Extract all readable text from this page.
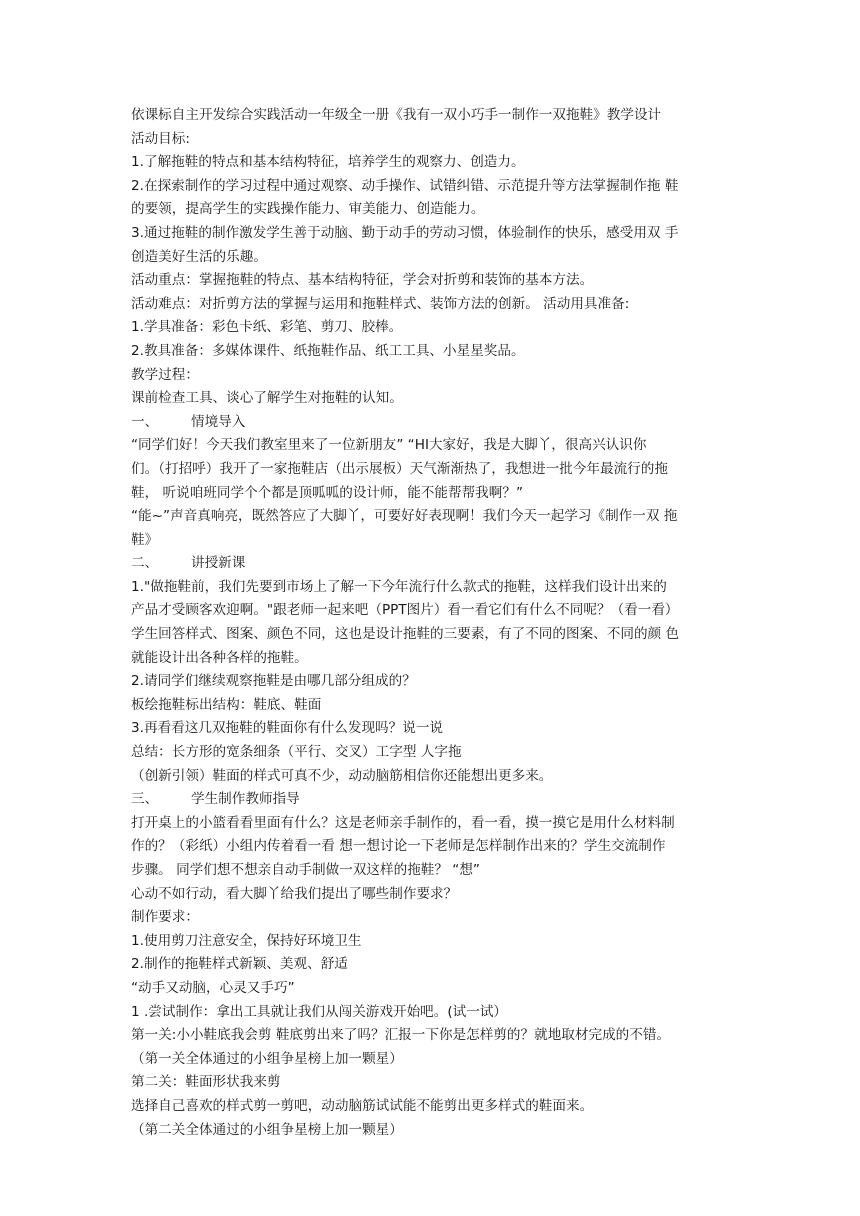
依课标自主开发综合实践活动一年级全一册《我有一双小巧手一制作一双拖鞋》教学设计
活动目标:
1.了解拖鞋的特点和基本结构特征，培养学生的观察力、创造力。
2.在探索制作的学习过程中通过观察、动手操作、试错纠错、示范提升等方法掌握制作拖 鞋
的要领，提高学生的实践操作能力、审美能力、创造能力。
3.通过拖鞋的制作激发学生善于动脑、勤于动手的劳动习惯，体验制作的快乐，感受用双 手
创造美好生活的乐趣。
活动重点：掌握拖鞋的特点、基本结构特征，学会对折剪和装饰的基本方法。
活动难点：对折剪方法的掌握与运用和拖鞋样式、装饰方法的创新。 活动用具准备:
1.学具准备：彩色卡纸、彩笔、剪刀、胶棒。
2.教具准备：多媒体课件、纸拖鞋作品、纸工工具、小星星奖品。
教学过程：
课前检查工具、谈心了解学生对拖鞋的认知。
一、 情境导入
“同学们好！今天我们教室里来了一位新朋友” “HI大家好，我是大脚丫，很高兴认识你
们。（打招呼）我开了一家拖鞋店（出示展板）天气渐渐热了，我想进一批今年最流行的拖
鞋， 听说咱班同学个个都是顶呱呱的设计师，能不能帮帮我啊？”
“能~”声音真响亮，既然答应了大脚丫，可要好好表现啊！我们今天一起学习《制作一双 拖
鞋》
二、 讲授新课
1."做拖鞋前，我们先要到市场上了解一下今年流行什么款式的拖鞋，这样我们设计出来的
产品才受顾客欢迎啊。"跟老师一起来吧（PPT图片）看一看它们有什么不同呢？（看一看）
学生回答样式、图案、颜色不同，这也是设计拖鞋的三要素，有了不同的图案、不同的颜 色
就能设计出各种各样的拖鞋。
2.请同学们继续观察拖鞋是由哪几部分组成的？
板绘拖鞋标出结构：鞋底、鞋面
3.再看看这几双拖鞋的鞋面你有什么发现吗？说一说
总结：长方形的宽条细条（平行、交叉）工字型 人字拖
（创新引领）鞋面的样式可真不少，动动脑筋相信你还能想出更多来。
三、 学生制作教师指导
打开桌上的小篮看看里面有什么？这是老师亲手制作的，看一看，摸一摸它是用什么材料制
作的？（彩纸）小组内传着看一看 想一想讨论一下老师是怎样制作出来的？学生交流制作
步骤。 同学们想不想亲自动手制做一双这样的拖鞋？ “想”
心动不如行动，看大脚丫给我们提出了哪些制作要求？
制作要求：
1.使用剪刀注意安全，保持好环境卫生
2.制作的拖鞋样式新颖、美观、舒适
“动手又动脑，心灵又手巧”
1 .尝试制作：拿出工具就让我们从闯关游戏开始吧。(试一试）
第一关:小小鞋底我会剪 鞋底剪出来了吗？汇报一下你是怎样剪的？就地取材完成的不错。
（第一关全体通过的小组争星榜上加一颗星）
第二关：鞋面形状我来剪
选择自己喜欢的样式剪一剪吧，动动脑筋试试能不能剪出更多样式的鞋面来。
（第二关全体通过的小组争星榜上加一颗星）
